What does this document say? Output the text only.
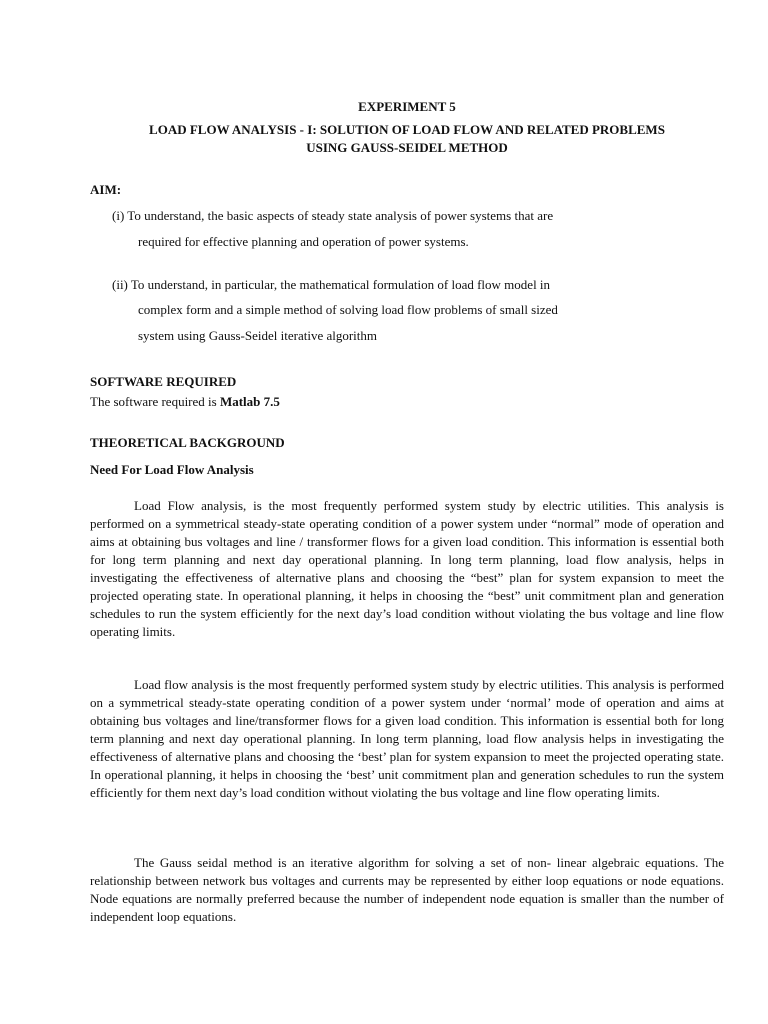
EXPERIMENT 5
LOAD FLOW ANALYSIS - I: SOLUTION OF LOAD FLOW AND RELATED PROBLEMS
USING GAUSS-SEIDEL METHOD
AIM:
(i) To understand, the basic aspects of steady state analysis of power systems that are
required for effective planning and operation of power systems.
(ii) To understand, in particular, the mathematical formulation of load flow model in
complex form and a simple method of solving load flow problems of small sized
system using Gauss-Seidel iterative algorithm
SOFTWARE REQUIRED
The software required is Matlab 7.5
THEORETICAL BACKGROUND
Need For Load Flow Analysis

Load Flow analysis, is the most frequently performed system study by electric utilities. This analysis is performed on a symmetrical steady-state operating condition of a power system under “normal” mode of operation and aims at obtaining bus voltages and line / transformer flows for a given load condition. This information is essential both for long term planning and next day operational planning. In long term planning, load flow analysis, helps in investigating the effectiveness of alternative plans and choosing the “best” plan for system expansion to meet the projected operating state. In operational planning, it helps in choosing the “best” unit commitment plan and generation schedules to run the system efficiently for the next day’s load condition without violating the bus voltage and line flow operating limits.

Load flow analysis is the most frequently performed system study by electric utilities. This analysis is performed on a symmetrical steady-state operating condition of a power system under ‘normal’ mode of operation and aims at obtaining bus voltages and line/transformer flows for a given load condition. This information is essential both for long term planning and next day operational planning. In long term planning, load flow analysis helps in investigating the effectiveness of alternative plans and choosing the ‘best’ plan for system expansion to meet the projected operating state. In operational planning, it helps in choosing the ‘best’ unit commitment plan and generation schedules to run the system efficiently for them next day’s load condition without violating the bus voltage and line flow operating limits.

The Gauss seidal method is an iterative algorithm for solving a set of non- linear algebraic equations. The relationship between network bus voltages and currents may be represented by either loop equations or node equations. Node equations are normally preferred because the number of independent node equation is smaller than the number of independent loop equations.
